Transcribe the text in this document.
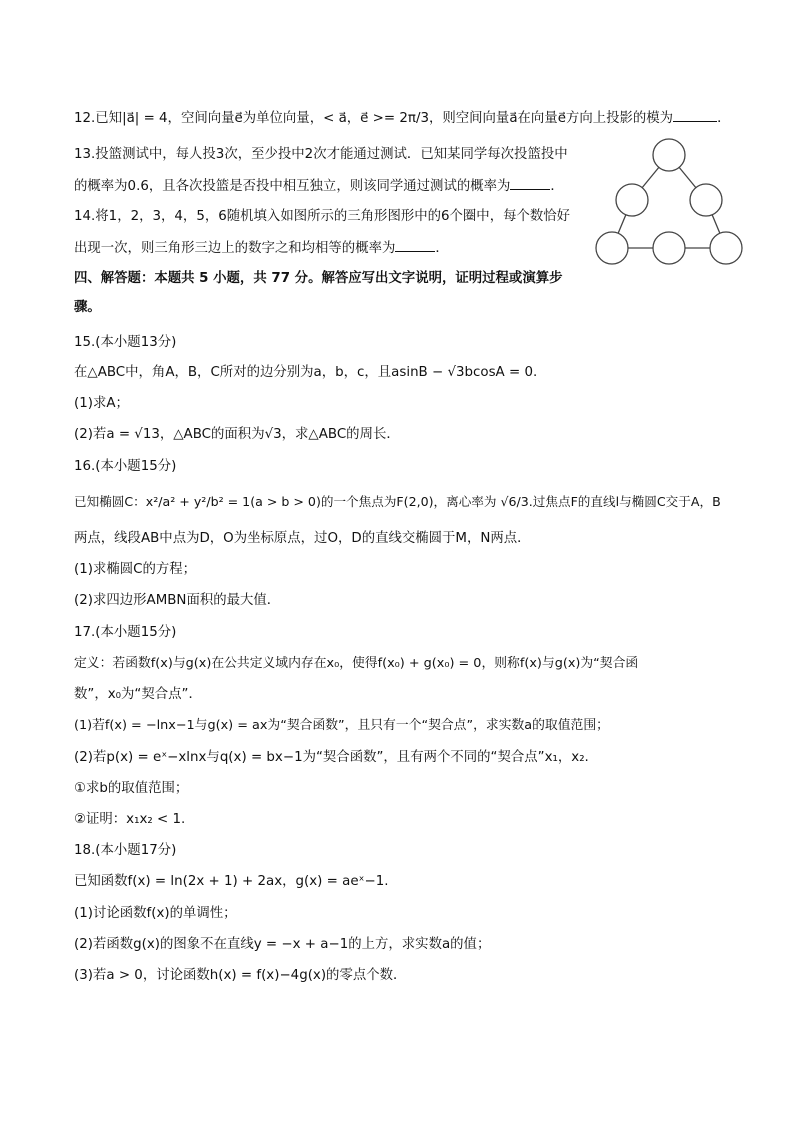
12.已知|a⃗| = 4，空间向量e⃗为单位向量，< a⃗，e⃗ >= 2π/3，则空间向量a⃗在向量e⃗方向上投影的模为	．
13.投篮测试中，每人投3次，至少投中2次才能通过测试．已知某同学每次投篮投中
的概率为0.6，且各次投篮是否投中相互独立，则该同学通过测试的概率为	．
14.将1，2，3，4，5，6随机填入如图所示的三角形图形中的6个圈中，每个数恰好
出现一次，则三角形三边上的数字之和均相等的概率为	．
四、解答题：本题共 5 小题，共 77 分。解答应写出文字说明，证明过程或演算步
骤。
15.(本小题13分)
在△ABC中，角A，B，C所对的边分别为a，b，c，且asinB − √3bcosA = 0.
(1)求A；
(2)若a = √13，△ABC的面积为√3，求△ABC的周长．
16.(本小题15分)
已知椭圆C：x²/a² + y²/b² = 1(a > b > 0)的一个焦点为F(2,0)，离心率为 √6/3.过焦点F的直线l与椭圆C交于A，B
两点，线段AB中点为D，O为坐标原点，过O，D的直线交椭圆于M，N两点．
(1)求椭圆C的方程；
(2)求四边形AMBN面积的最大值．
17.(本小题15分)
定义：若函数f(x)与g(x)在公共定义域内存在x₀，使得f(x₀) + g(x₀) = 0，则称f(x)与g(x)为“契合函
数”，x₀为“契合点”．
(1)若f(x) = −lnx−1与g(x) = ax为“契合函数”，且只有一个“契合点”，求实数a的取值范围；
(2)若p(x) = eˣ−xlnx与q(x) = bx−1为“契合函数”，且有两个不同的“契合点”x₁，x₂.
①求b的取值范围；
②证明：x₁x₂ < 1.
18.(本小题17分)
已知函数f(x) = ln(2x + 1) + 2ax，g(x) = aeˣ−1.
(1)讨论函数f(x)的单调性；
(2)若函数g(x)的图象不在直线y = −x + a−1的上方，求实数a的值；
(3)若a > 0，讨论函数h(x) = f(x)−4g(x)的零点个数．
